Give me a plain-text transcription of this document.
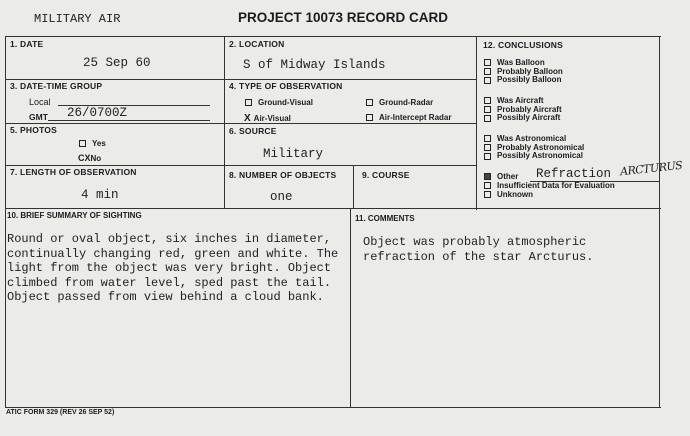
MILITARY AIR	PROJECT 10073 RECORD CARD
1. DATE
25 Sep 60
2. LOCATION
S of Midway Islands
3. DATE-TIME GROUP
Local
GMT 26/0700Z
4. TYPE OF OBSERVATION
Ground-Visual	Ground-Radar
X Air-Visual	Air-Intercept Radar
5. PHOTOS
Yes
CXNo
6. SOURCE
Military
7. LENGTH OF OBSERVATION
4 min
8. NUMBER OF OBJECTS
one
9. COURSE
12. CONCLUSIONS
Was Balloon
Probably Balloon
Possibly Balloon
Was Aircraft
Probably Aircraft
Possibly Aircraft
Was Astronomical
Probably Astronomical
Possibly Astronomical
Other Refraction ARCTURUS
Insufficient Data for Evaluation
Unknown
10. BRIEF SUMMARY OF SIGHTING
Round or oval object, six inches in diameter,
continually changing red, green and white. The
light from the object was very bright. Object
climbed from water level, sped past the tail.
Object passed from view behind a cloud bank.
11. COMMENTS
Object was probably atmospheric
refraction of the star Arcturus.
ATIC FORM 329 (REV 26 SEP 52)
